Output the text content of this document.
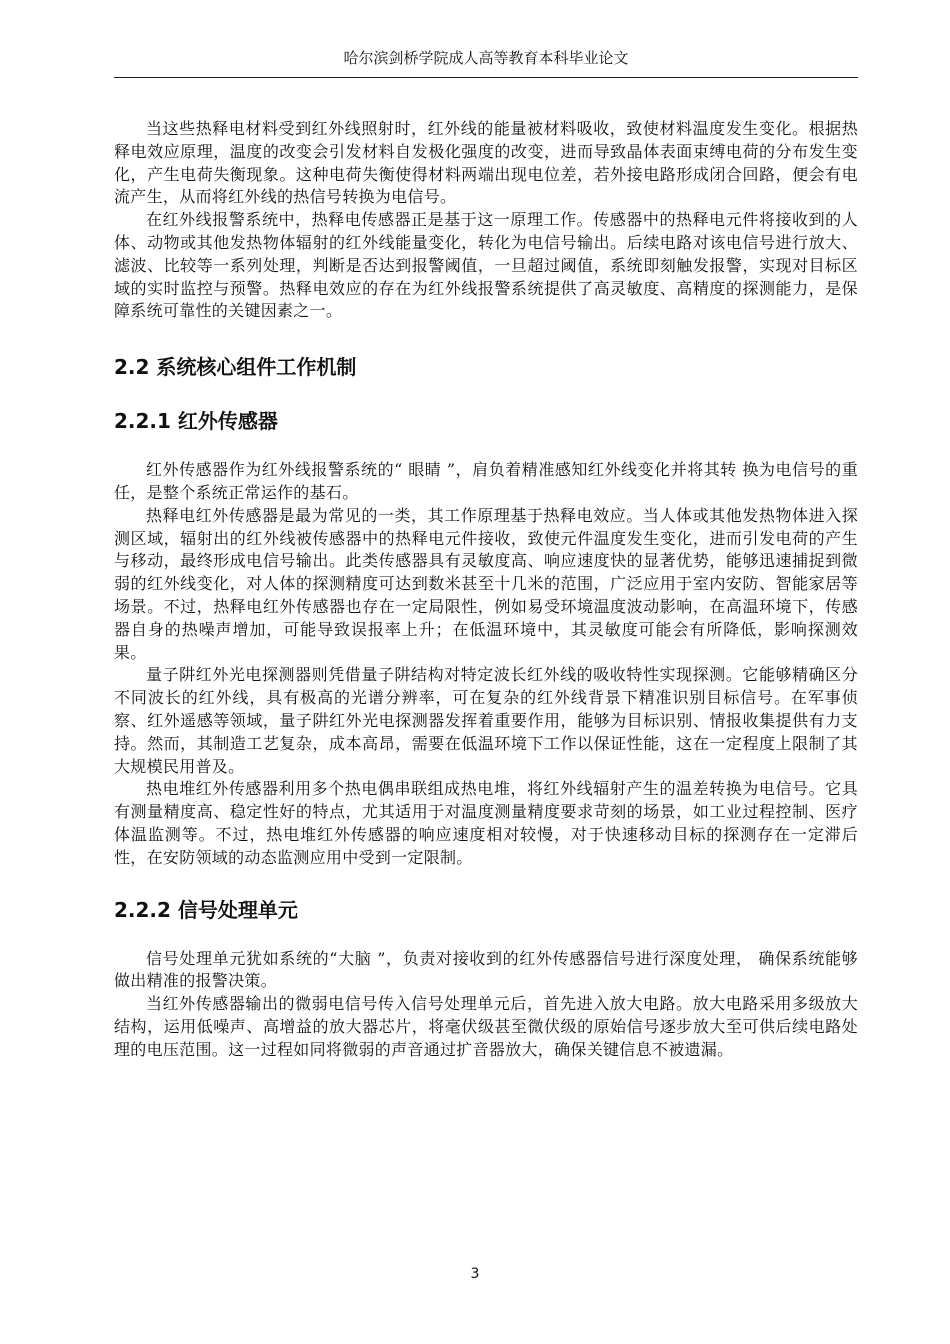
哈尔滨剑桥学院成人高等教育本科毕业论文

当这些热释电材料受到红外线照射时，红外线的能量被材料吸收，致使材料温度发生变化。根据热释电效应原理，温度的改变会引发材料自发极化强度的改变，进而导致晶体表面束缚电荷的分布发生变化，产生电荷失衡现象。这种电荷失衡使得材料两端出现电位差，若外接电路形成闭合回路，便会有电流产生，从而将红外线的热信号转换为电信号。

在红外线报警系统中，热释电传感器正是基于这一原理工作。传感器中的热释电元件将接收到的人体、动物或其他发热物体辐射的红外线能量变化，转化为电信号输出。后续电路对该电信号进行放大、滤波、比较等一系列处理，判断是否达到报警阈值，一旦超过阈值，系统即刻触发报警，实现对目标区域的实时监控与预警。热释电效应的存在为红外线报警系统提供了高灵敏度、高精度的探测能力，是保障系统可靠性的关键因素之一。

2.2 系统核心组件工作机制
2.2.1 红外传感器

红外传感器作为红外线报警系统的“ 眼睛 ”，肩负着精准感知红外线变化并将其转 换为电信号的重任，是整个系统正常运作的基石。

热释电红外传感器是最为常见的一类，其工作原理基于热释电效应。当人体或其他发热物体进入探测区域，辐射出的红外线被传感器中的热释电元件接收，致使元件温度发生变化，进而引发电荷的产生与移动，最终形成电信号输出。此类传感器具有灵敏度高、响应速度快的显著优势，能够迅速捕捉到微弱的红外线变化，对人体的探测精度可达到数米甚至十几米的范围，广泛应用于室内安防、智能家居等场景。不过，热释电红外传感器也存在一定局限性，例如易受环境温度波动影响，在高温环境下，传感器自身的热噪声增加，可能导致误报率上升；在低温环境中，其灵敏度可能会有所降低，影响探测效果。

量子阱红外光电探测器则凭借量子阱结构对特定波长红外线的吸收特性实现探测。它能够精确区分不同波长的红外线，具有极高的光谱分辨率，可在复杂的红外线背景下精准识别目标信号。在军事侦察、红外遥感等领域，量子阱红外光电探测器发挥着重要作用，能够为目标识别、情报收集提供有力支持。然而，其制造工艺复杂，成本高昂，需要在低温环境下工作以保证性能，这在一定程度上限制了其大规模民用普及。

热电堆红外传感器利用多个热电偶串联组成热电堆，将红外线辐射产生的温差转换为电信号。它具有测量精度高、稳定性好的特点，尤其适用于对温度测量精度要求苛刻的场景，如工业过程控制、医疗体温监测等。不过，热电堆红外传感器的响应速度相对较慢，对于快速移动目标的探测存在一定滞后性，在安防领域的动态监测应用中受到一定限制。

2.2.2 信号处理单元

信号处理单元犹如系统的“大脑 ”，负责对接收到的红外传感器信号进行深度处理， 确保系统能够做出精准的报警决策。

当红外传感器输出的微弱电信号传入信号处理单元后，首先进入放大电路。放大电路采用多级放大结构，运用低噪声、高增益的放大器芯片，将毫伏级甚至微伏级的原始信号逐步放大至可供后续电路处理的电压范围。这一过程如同将微弱的声音通过扩音器放大，确保关键信息不被遗漏。

3
